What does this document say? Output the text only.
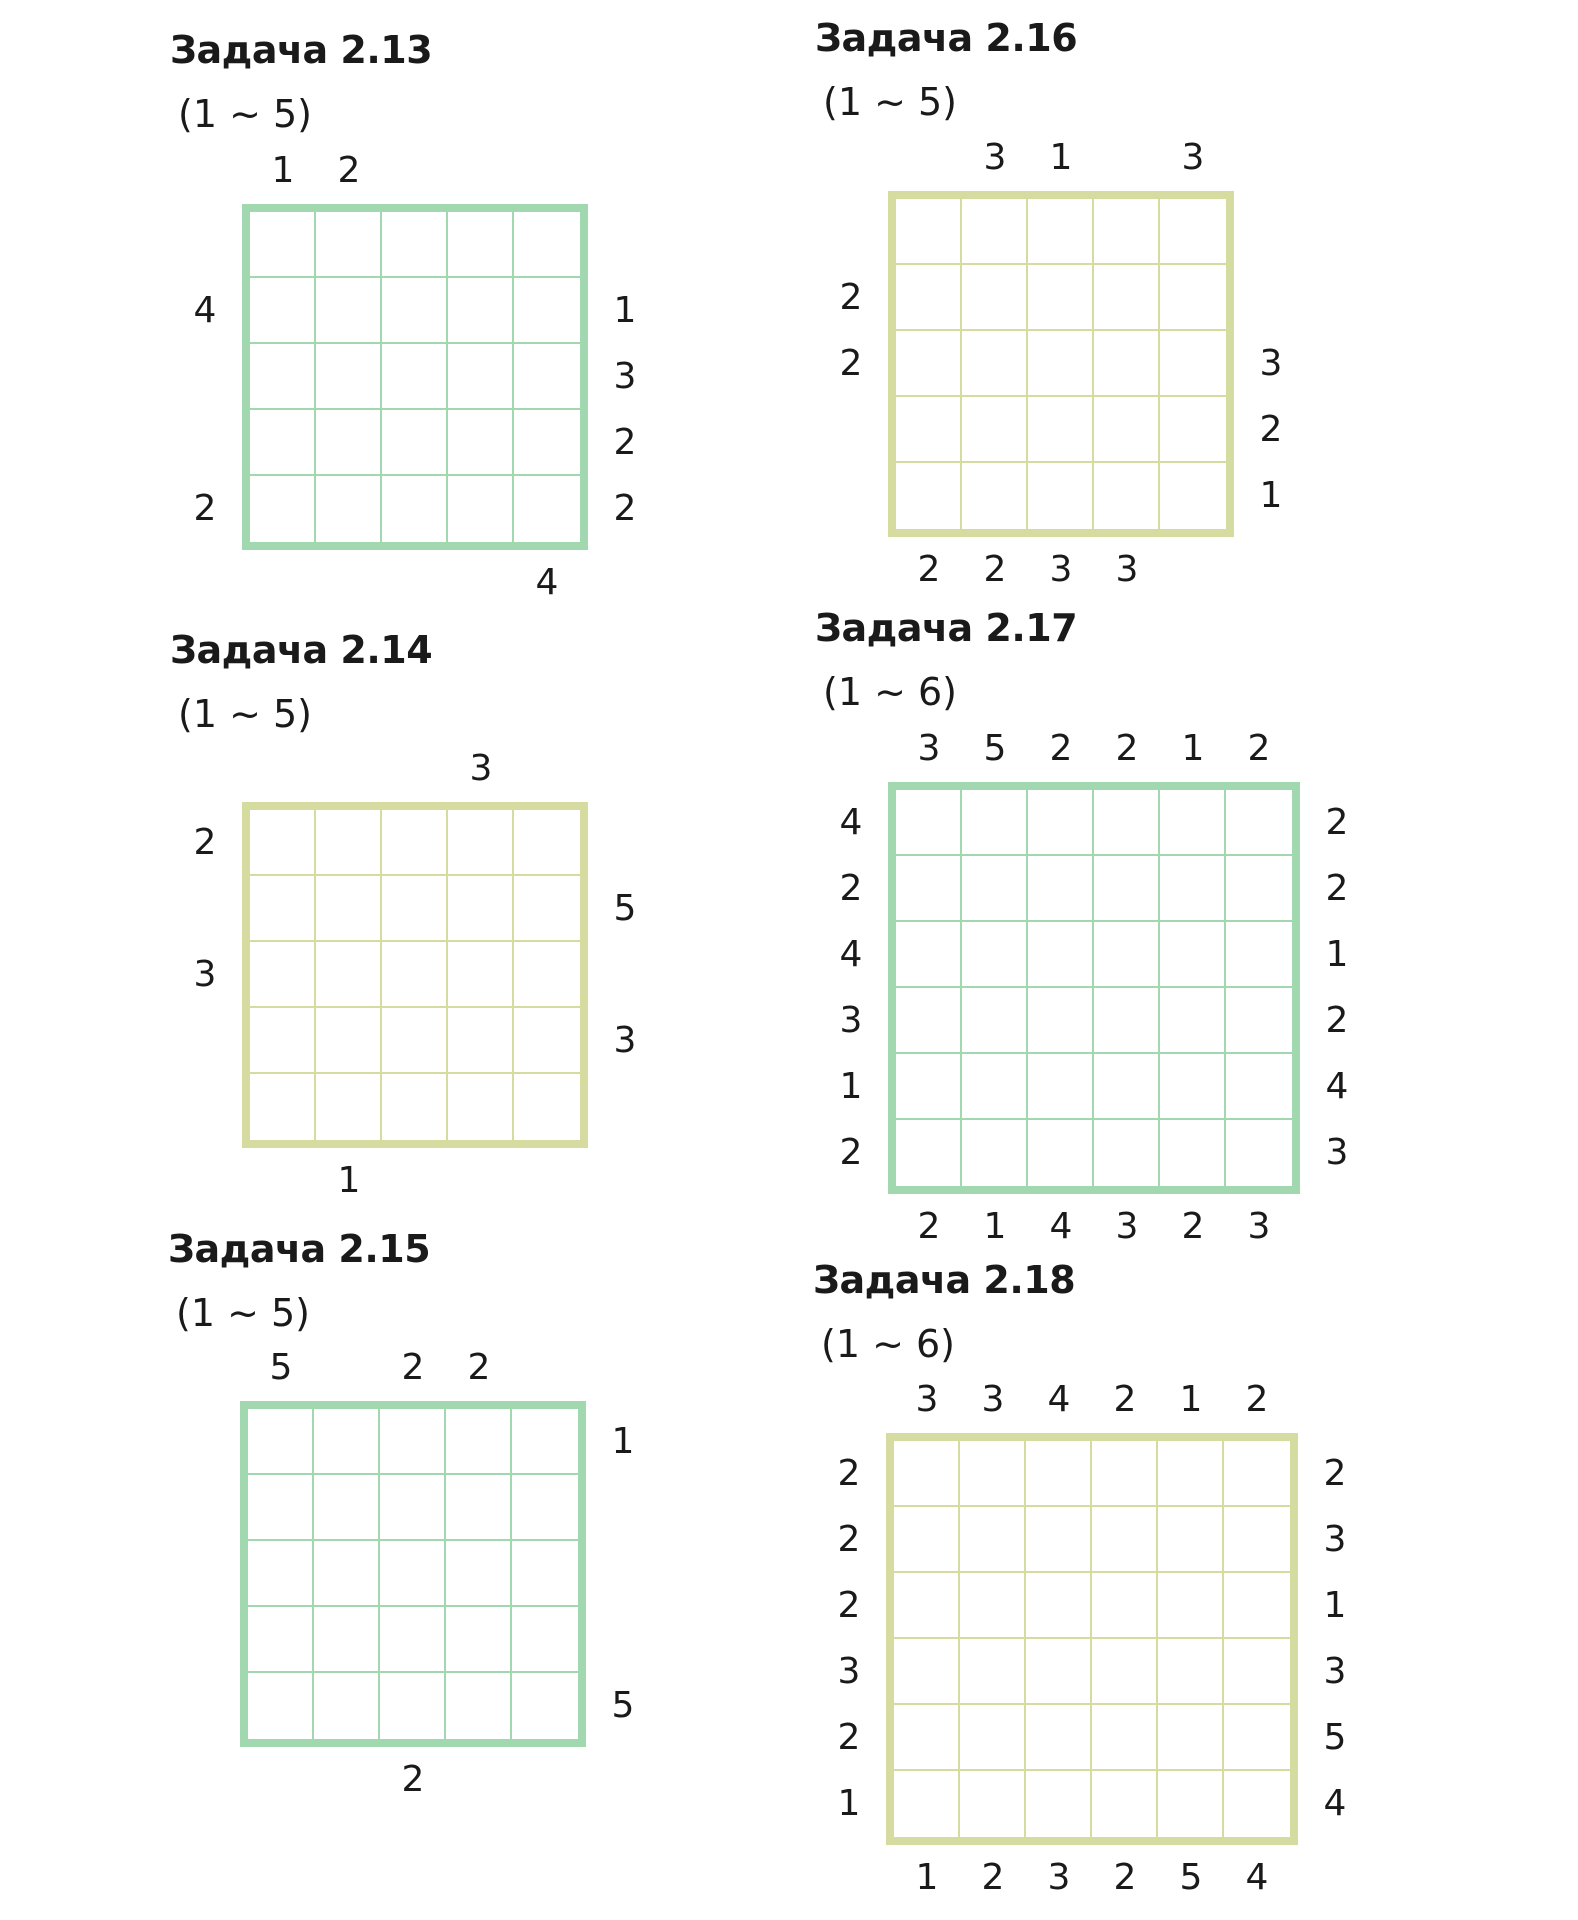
Задача 2.13
(1 ~ 5)
1 2
4	1
3
2
4
2	2
Задача 2.14
(1 ~ 5)
2
1
5
3
3
3
Задача 2.15
(1 ~ 5)
5
1
2
2
2
5
Задача 2.16
(1 ~ 5)
2
3
2
2
1
3
2	3
3
2
3
1
Задача 2.17
(1 ~ 6)
3
2
4	2
5
1
2	2
2
4
4	1
2
3
3	2
1
2
1	4
2
3
2	3
Задача 2.18
(1 ~ 6)
3
1
2	2
3
2
2	3
4
3
2	1
2
2
3	3
1
5
2	5
2
4
1	4
